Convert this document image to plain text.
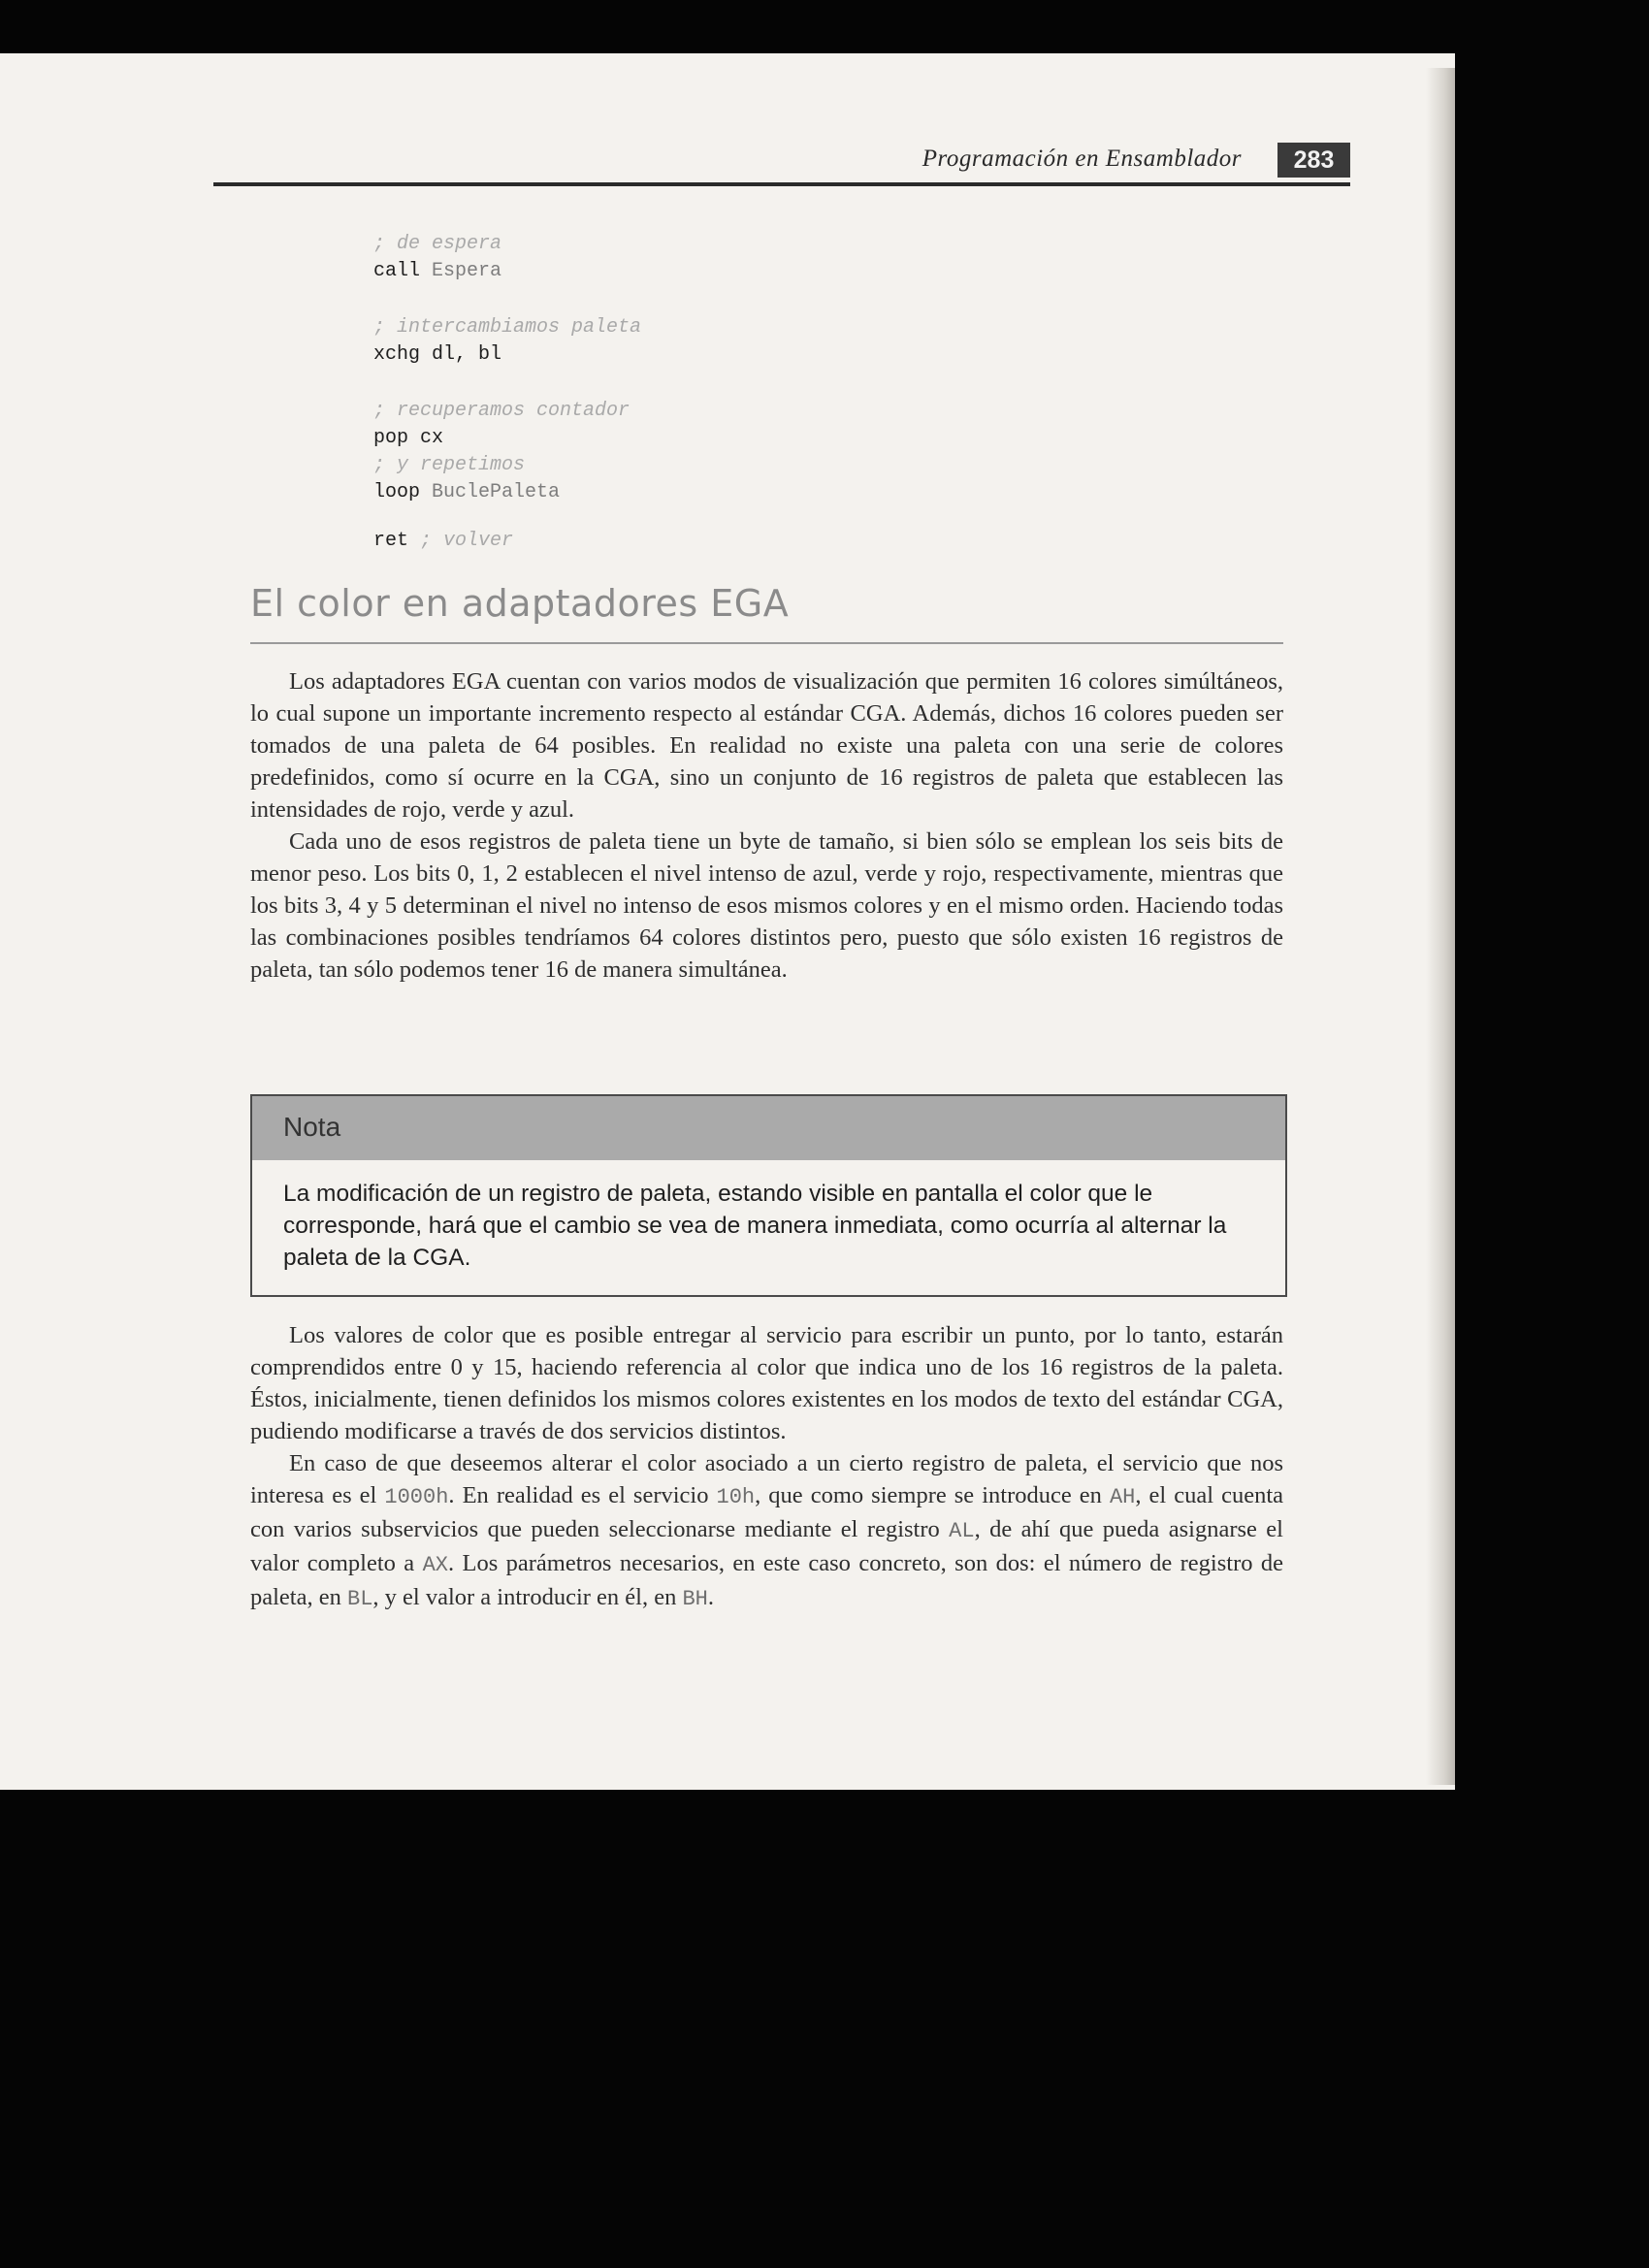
Programación en Ensamblador	283
; de espera
call Espera
; intercambiamos paleta
xchg dl, bl
; recuperamos contador
pop cx
; y repetimos
loop BuclePaleta
ret ; volver
El color en adaptadores EGA

Los adaptadores EGA cuentan con varios modos de visualización que permiten 16 colores simúltáneos, lo cual supone un importante incremento respecto al estándar CGA. Además, dichos 16 colores pueden ser tomados de una paleta de 64 posibles. En realidad no existe una paleta con una serie de colores predefinidos, como sí ocurre en la CGA, sino un conjunto de 16 registros de paleta que establecen las intensidades de rojo, verde y azul.

Cada uno de esos registros de paleta tiene un byte de tamaño, si bien sólo se emplean los seis bits de menor peso. Los bits 0, 1, 2 establecen el nivel intenso de azul, verde y rojo, respectivamente, mientras que los bits 3, 4 y 5 determinan el nivel no intenso de esos mismos colores y en el mismo orden. Haciendo todas las combinaciones posibles tendríamos 64 colores distintos pero, puesto que sólo existen 16 registros de paleta, tan sólo podemos tener 16 de manera simultánea.

Nota

La modificación de un registro de paleta, estando visible en pantalla el color que le corresponde, hará que el cambio se vea de manera inmediata, como ocurría al alternar la paleta de la CGA.

Los valores de color que es posible entregar al servicio para escribir un punto, por lo tanto, estarán comprendidos entre 0 y 15, haciendo referencia al color que indica uno de los 16 registros de la paleta. Éstos, inicialmente, tienen definidos los mismos colores existentes en los modos de texto del estándar CGA, pudiendo modificarse a través de dos servicios distintos.

En caso de que deseemos alterar el color asociado a un cierto registro de paleta, el servicio que nos interesa es el 1000h. En realidad es el servicio 10h, que como siempre se introduce en AH, el cual cuenta con varios subservicios que pueden seleccionarse mediante el registro AL, de ahí que pueda asignarse el valor completo a AX. Los parámetros necesarios, en este caso concreto, son dos: el número de registro de paleta, en BL, y el valor a introducir en él, en BH.
